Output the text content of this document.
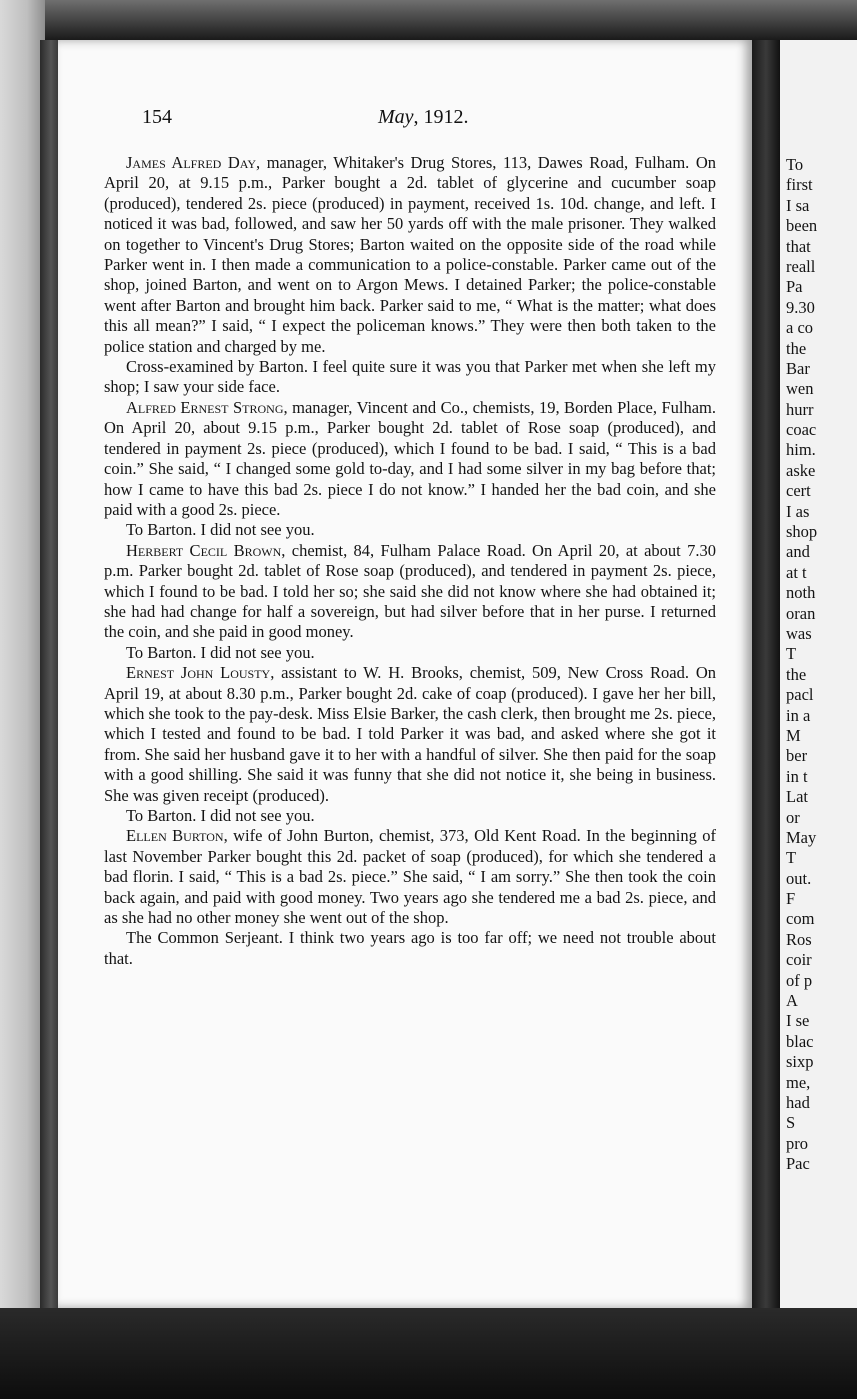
154	May, 1912.

James Alfred Day, manager, Whitaker's Drug Stores, 113, Dawes Road, Fulham. On April 20, at 9.15 p.m., Parker bought a 2d. tablet of glycerine and cucumber soap (produced), tendered 2s. piece (produced) in payment, received 1s. 10d. change, and left. I noticed it was bad, followed, and saw her 50 yards off with the male prisoner. They walked on together to Vincent's Drug Stores; Barton waited on the opposite side of the road while Parker went in. I then made a communication to a police-constable. Parker came out of the shop, joined Barton, and went on to Argon Mews. I detained Parker; the police-constable went after Barton and brought him back. Parker said to me, “ What is the matter; what does this all mean?” I said, “ I expect the policeman knows.” They were then both taken to the police station and charged by me.

Cross-examined by Barton. I feel quite sure it was you that Parker met when she left my shop; I saw your side face.

Alfred Ernest Strong, manager, Vincent and Co., chemists, 19, Borden Place, Fulham. On April 20, about 9.15 p.m., Parker bought 2d. tablet of Rose soap (produced), and tendered in payment 2s. piece (produced), which I found to be bad. I said, “ This is a bad coin.” She said, “ I changed some gold to-day, and I had some silver in my bag before that; how I came to have this bad 2s. piece I do not know.” I handed her the bad coin, and she paid with a good 2s. piece.

To Barton. I did not see you.

Herbert Cecil Brown, chemist, 84, Fulham Palace Road. On April 20, at about 7.30 p.m. Parker bought 2d. tablet of Rose soap (produced), and tendered in payment 2s. piece, which I found to be bad. I told her so; she said she did not know where she had obtained it; she had had change for half a sovereign, but had silver before that in her purse. I returned the coin, and she paid in good money.

To Barton. I did not see you.

Ernest John Lousty, assistant to W. H. Brooks, chemist, 509, New Cross Road. On April 19, at about 8.30 p.m., Parker bought 2d. cake of coap (produced). I gave her her bill, which she took to the pay-desk. Miss Elsie Barker, the cash clerk, then brought me 2s. piece, which I tested and found to be bad. I told Parker it was bad, and asked where she got it from. She said her husband gave it to her with a handful of silver. She then paid for the soap with a good shilling. She said it was funny that she did not notice it, she being in business. She was given receipt (produced).

To Barton. I did not see you.

Ellen Burton, wife of John Burton, chemist, 373, Old Kent Road. In the beginning of last November Parker bought this 2d. packet of soap (produced), for which she tendered a bad florin. I said, “ This is a bad 2s. piece.” She said, “ I am sorry.” She then took the coin back again, and paid with good money. Two years ago she tendered me a bad 2s. piece, and as she had no other money she went out of the shop.

The Common Serjeant. I think two years ago is too far off; we need not trouble about that.

To
first
I sa
been
that
reall
Pa
9.30
a co
the
Bar
wen
hurr
coac
him.
aske
cert
I as
shop
and
at t
noth
oran
was
T
the
pacl
in a
M
ber
in t
Lat
or
May
T
out.
F
com
Ros
coir
of p
A
I se
blac
sixp
me,
had
S
pro
Pac
